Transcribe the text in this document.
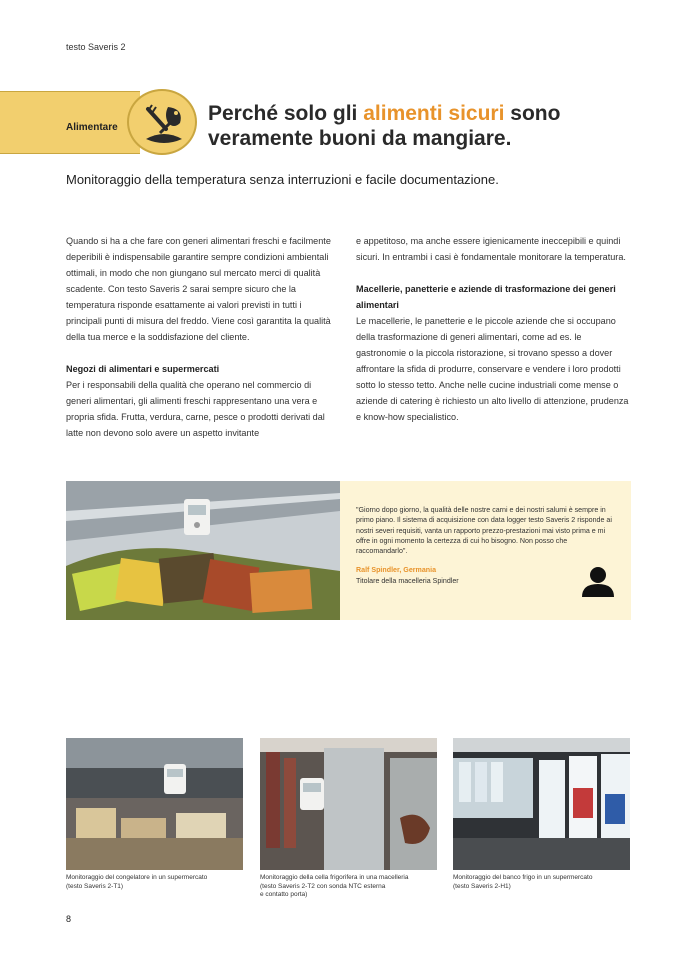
testo Saveris 2
Alimentare
Perché solo gli alimenti sicuri sono veramente buoni da mangiare.
Monitoraggio della temperatura senza interruzioni e facile documentazione.

Quando si ha a che fare con generi alimentari freschi e facilmente deperibili è indispensabile garantire sempre condizioni ambientali ottimali, in modo che non giungano sul mercato merci di qualità scadente. Con testo Saveris 2 sarai sempre sicuro che la temperatura risponde esattamente ai valori previsti in tutti i principali punti di misura del freddo. Viene così garantita la qualità della tua merce e la soddisfazione del cliente.

Negozi di alimentari e supermercati

Per i responsabili della qualità che operano nel commercio di generi alimentari, gli alimenti freschi rappresentano una vera e propria sfida. Frutta, verdura, carne, pesce o prodotti derivati dal latte non devono solo avere un aspetto invitante

e appetitoso, ma anche essere igienicamente ineccepibili e quindi sicuri. In entrambi i casi è fondamentale monitorare la temperatura.

Macellerie, panetterie e aziende di trasformazione dei generi alimentari

Le macellerie, le panetterie e le piccole aziende che si occupano della trasformazione di generi alimentari, come ad es. le gastronomie o la piccola ristorazione, si trovano spesso a dover affrontare la sfida di produrre, conservare e vendere i loro prodotti sotto lo stesso tetto. Anche nelle cucine industriali come mense o aziende di catering è richiesto un alto livello di attenzione, prudenza e know-how specialistico.

"Giorno dopo giorno, la qualità delle nostre carni e dei nostri salumi è sempre in primo piano. Il sistema di acquisizione con data logger testo Saveris 2 risponde ai nostri severi requisiti, vanta un rapporto prezzo-prestazioni mai visto prima e mi offre in ogni momento la certezza di cui ho bisogno. Non posso che raccomandarlo".

Ralf Spindler, Germania
Titolare della macelleria Spindler
Monitoraggio del congelatore in un supermercato
(testo Saveris 2-T1)
Monitoraggio della cella frigorifera in una macelleria
(testo Saveris 2-T2 con sonda NTC esterna
e contatto porta)
Monitoraggio del banco frigo in un supermercato
(testo Saveris 2-H1)
8
